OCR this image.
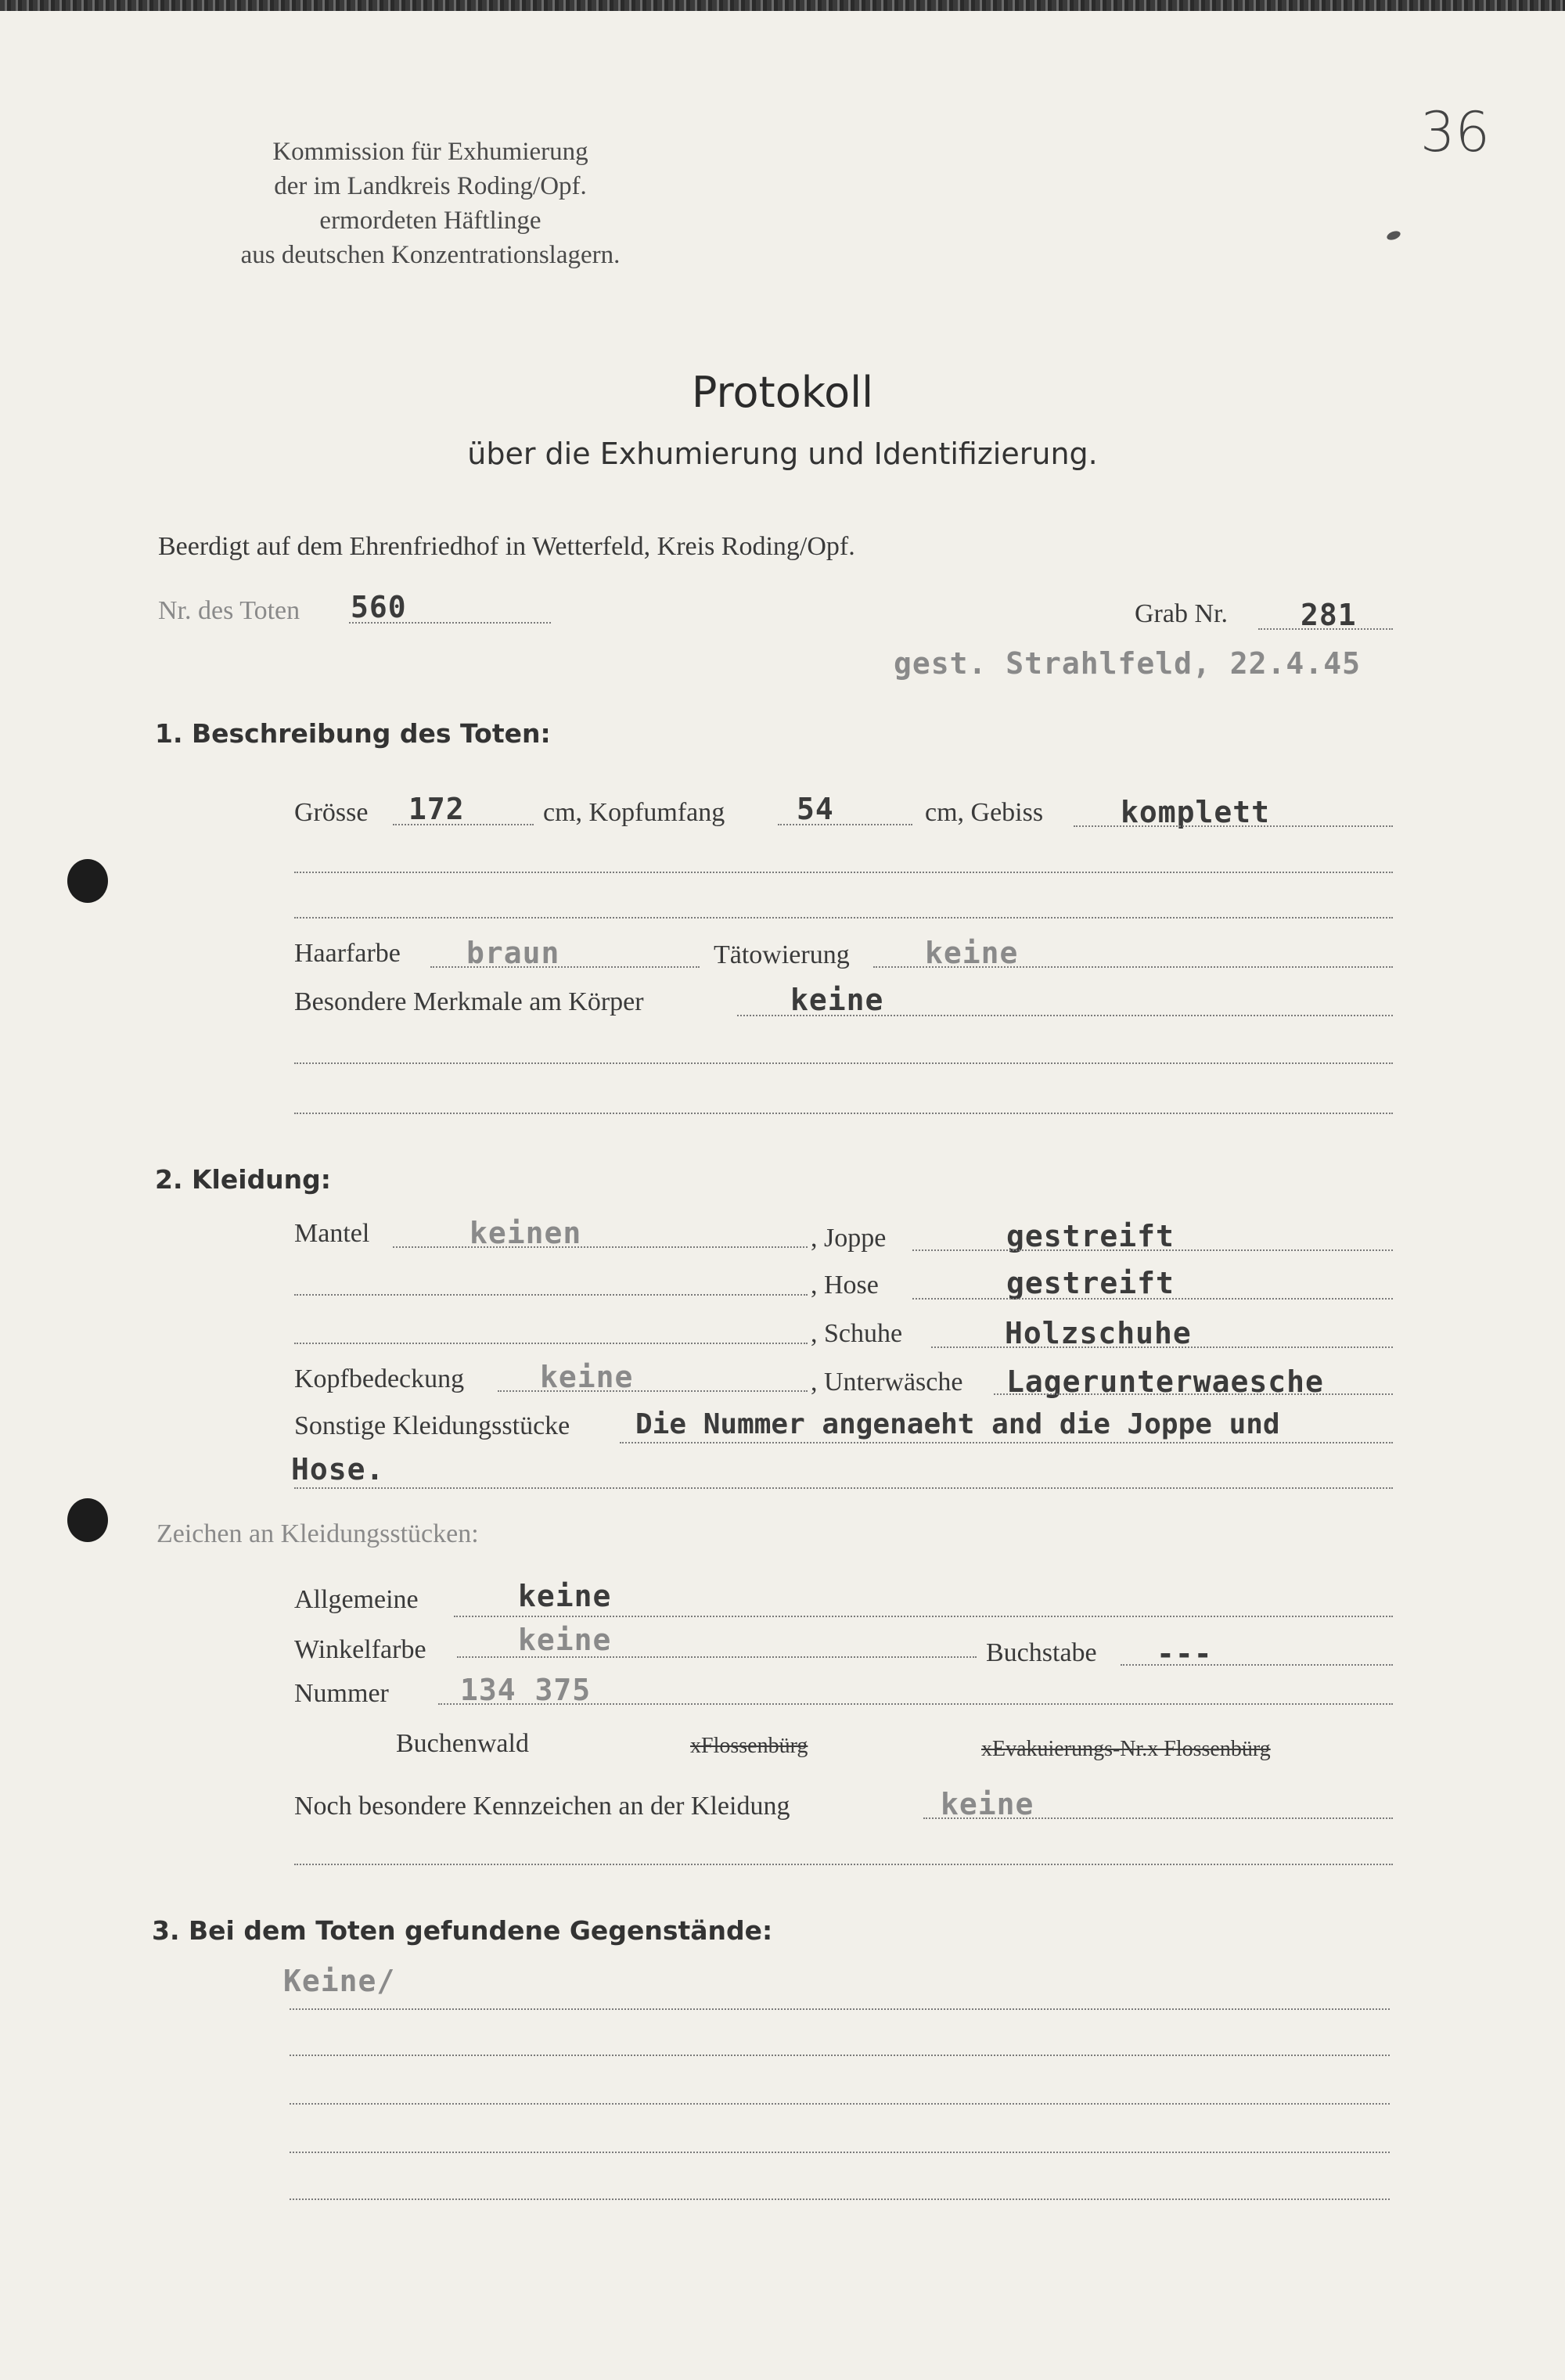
36
Kommission für Exhumierung
der im Landkreis Roding/Opf.
ermordeten Häftlinge
aus deutschen Konzentrationslagern.
Protokoll
über die Exhumierung und Identifizierung.
Beerdigt auf dem Ehrenfriedhof in Wetterfeld, Kreis Roding/Opf.
Nr. des Toten 560	Grab Nr. 281
gest. Strahlfeld, 22.4.45
1. Beschreibung des Toten:
Grösse 172	cm, Kopfumfang 54	cm, Gebiss	komplett
Haarfarbe braun	Tätowierung	keine
Besondere Merkmale am Körper	keine
2. Kleidung:
Mantel	keinen	, Joppe	gestreift
, Hose	gestreift
, Schuhe	Holzschuhe
Kopfbedeckung	keine	, Unterwäsche Lagerunterwaesche
Sonstige Kleidungsstücke Die Nummer angenaeht and die Joppe und
Hose.
Zeichen an Kleidungsstücken:
Allgemeine	keine
Winkelfarbe	keine	Buchstabe ---
Nummer 134 375
Buchenwald	xFlossenbürg	xEvakuierungs-Nr.x Flossenbürg
Noch besondere Kennzeichen an der Kleidung	keine
3. Bei dem Toten gefundene Gegenstände:
Keine/
